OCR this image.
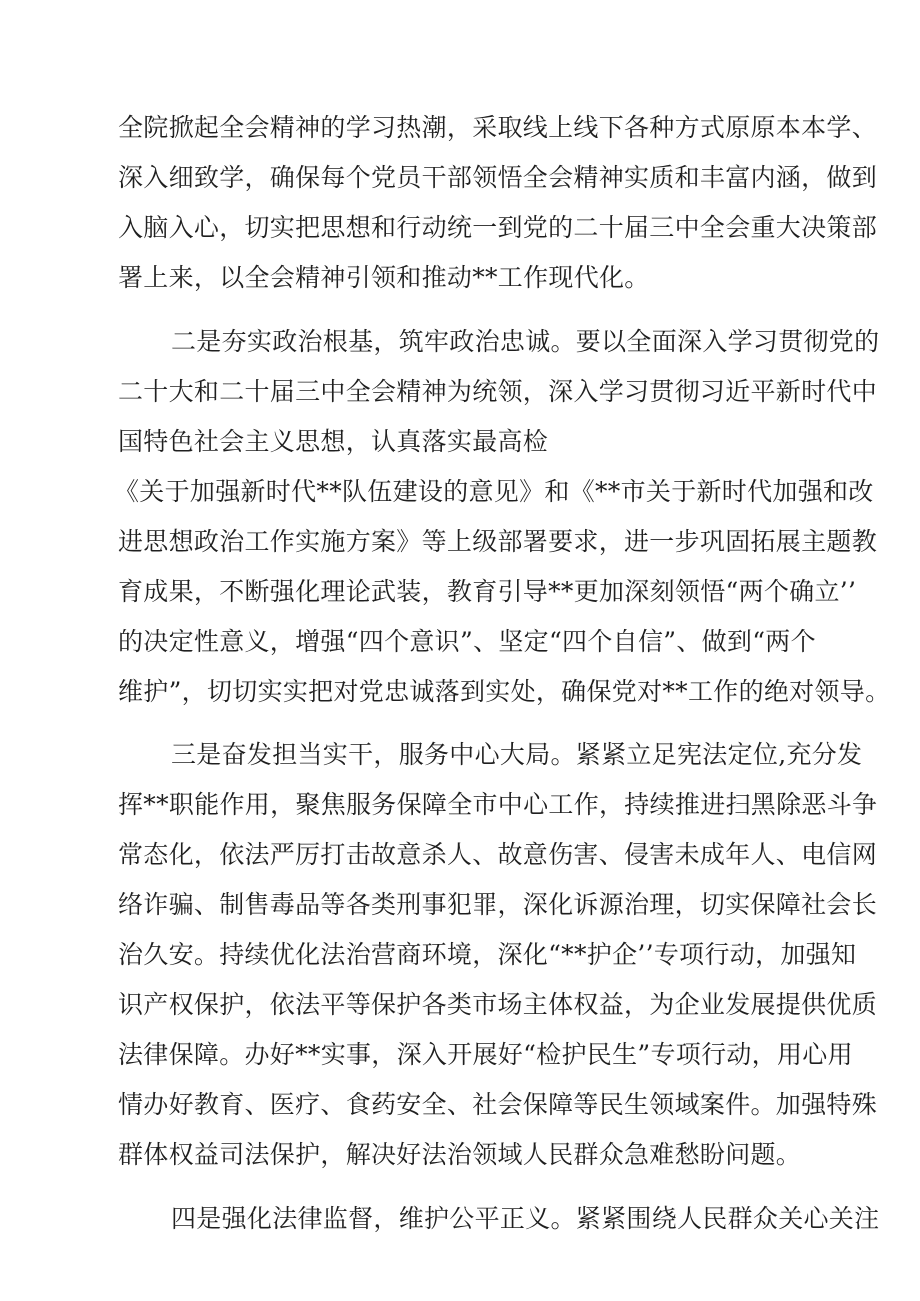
全院掀起全会精神的学习热潮，采取线上线下各种方式原原本本学、
深入细致学，确保每个党员干部领悟全会精神实质和丰富内涵，做到
入脑入心，切实把思想和行动统一到党的二十届三中全会重大决策部
署上来，以全会精神引领和推动**工作现代化。
二是夯实政治根基，筑牢政治忠诚。要以全面深入学习贯彻党的
二十大和二十届三中全会精神为统领，深入学习贯彻习近平新时代中
国特色社会主义思想，认真落实最高检
《关于加强新时代**队伍建设的意见》和《**市关于新时代加强和改
进思想政治工作实施方案》等上级部署要求，进一步巩固拓展主题教
育成果，不断强化理论武装，教育引导**更加深刻领悟“两个确立’’
的决定性意义，增强“四个意识”、坚定“四个自信”、做到“两个
维护”，切切实实把对党忠诚落到实处，确保党对**工作的绝对领导。
三是奋发担当实干，服务中心大局。紧紧立足宪法定位,充分发
挥**职能作用，聚焦服务保障全市中心工作，持续推进扫黑除恶斗争
常态化，依法严厉打击故意杀人、故意伤害、侵害未成年人、电信网
络诈骗、制售毒品等各类刑事犯罪，深化诉源治理，切实保障社会长
治久安。持续优化法治营商环境，深化“**护企’’专项行动，加强知
识产权保护，依法平等保护各类市场主体权益，为企业发展提供优质
法律保障。办好**实事，深入开展好“检护民生”专项行动，用心用
情办好教育、医疗、食药安全、社会保障等民生领域案件。加强特殊
群体权益司法保护，解决好法治领域人民群众急难愁盼问题。
四是强化法律监督，维护公平正义。紧紧围绕人民群众关心关注
